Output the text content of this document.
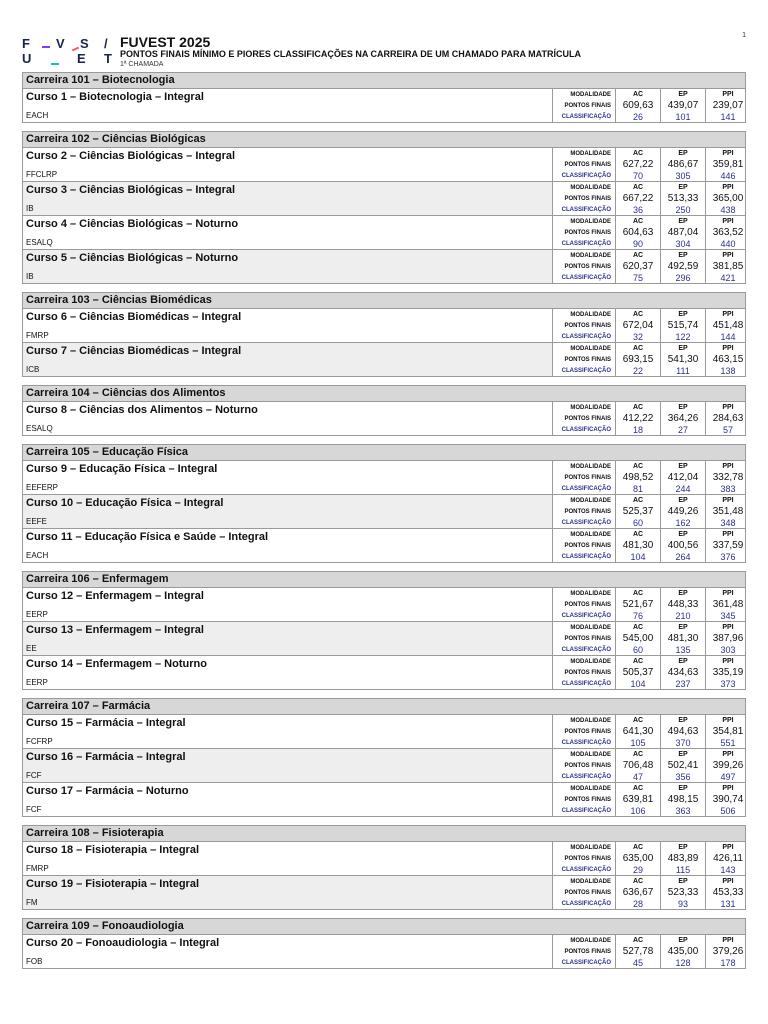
F V S /
U	E T
FUVEST 2025
PONTOS FINAIS MÍNIMO E PIORES CLASSIFICAÇÕES NA CARREIRA DE UM CHAMADO PARA MATRÍCULA
1ª CHAMADA
1
Carreira 101 – Biotecnologia
Curso 1 – Biotecnologia – Integral
EACH
MODALIDADE
PONTOS FINAIS
CLASSIFICAÇÃO
AC
609,63
26
EP
439,07
101
PPI
239,07
141
Carreira 102 – Ciências Biológicas
Curso 2 – Ciências Biológicas – Integral
FFCLRP
MODALIDADE
PONTOS FINAIS
CLASSIFICAÇÃO
AC
627,22
70
EP
486,67
305
PPI
359,81
446
Curso 3 – Ciências Biológicas – Integral
IB
MODALIDADE
PONTOS FINAIS
CLASSIFICAÇÃO
AC
667,22
36
EP
513,33
250
PPI
365,00
438
Curso 4 – Ciências Biológicas – Noturno
ESALQ
MODALIDADE
PONTOS FINAIS
CLASSIFICAÇÃO
AC
604,63
90
EP
487,04
304
PPI
363,52
440
Curso 5 – Ciências Biológicas – Noturno
IB
MODALIDADE
PONTOS FINAIS
CLASSIFICAÇÃO
AC
620,37
75
EP
492,59
296
PPI
381,85
421
Carreira 103 – Ciências Biomédicas
Curso 6 – Ciências Biomédicas – Integral
FMRP
MODALIDADE
PONTOS FINAIS
CLASSIFICAÇÃO
AC
672,04
32
EP
515,74
122
PPI
451,48
144
Curso 7 – Ciências Biomédicas – Integral
ICB
MODALIDADE
PONTOS FINAIS
CLASSIFICAÇÃO
AC
693,15
22
EP
541,30
111
PPI
463,15
138
Carreira 104 – Ciências dos Alimentos
Curso 8 – Ciências dos Alimentos – Noturno
ESALQ
MODALIDADE
PONTOS FINAIS
CLASSIFICAÇÃO
AC
412,22
18
EP
364,26
27
PPI
284,63
57
Carreira 105 – Educação Física
Curso 9 – Educação Física – Integral
EEFERP
MODALIDADE
PONTOS FINAIS
CLASSIFICAÇÃO
AC
498,52
81
EP
412,04
244
PPI
332,78
383
Curso 10 – Educação Física – Integral
EEFE
MODALIDADE
PONTOS FINAIS
CLASSIFICAÇÃO
AC
525,37
60
EP
449,26
162
PPI
351,48
348
Curso 11 – Educação Física e Saúde – Integral
EACH
MODALIDADE
PONTOS FINAIS
CLASSIFICAÇÃO
AC
481,30
104
EP
400,56
264
PPI
337,59
376
Carreira 106 – Enfermagem
Curso 12 – Enfermagem – Integral
EERP
MODALIDADE
PONTOS FINAIS
CLASSIFICAÇÃO
AC
521,67
76
EP
448,33
210
PPI
361,48
345
Curso 13 – Enfermagem – Integral
EE
MODALIDADE
PONTOS FINAIS
CLASSIFICAÇÃO
AC
545,00
60
EP
481,30
135
PPI
387,96
303
Curso 14 – Enfermagem – Noturno
EERP
MODALIDADE
PONTOS FINAIS
CLASSIFICAÇÃO
AC
505,37
104
EP
434,63
237
PPI
335,19
373
Carreira 107 – Farmácia
Curso 15 – Farmácia – Integral
FCFRP
MODALIDADE
PONTOS FINAIS
CLASSIFICAÇÃO
AC
641,30
105
EP
494,63
370
PPI
354,81
551
Curso 16 – Farmácia – Integral
FCF
MODALIDADE
PONTOS FINAIS
CLASSIFICAÇÃO
AC
706,48
47
EP
502,41
356
PPI
399,26
497
Curso 17 – Farmácia – Noturno
FCF
MODALIDADE
PONTOS FINAIS
CLASSIFICAÇÃO
AC
639,81
106
EP
498,15
363
PPI
390,74
506
Carreira 108 – Fisioterapia
Curso 18 – Fisioterapia – Integral
FMRP
MODALIDADE
PONTOS FINAIS
CLASSIFICAÇÃO
AC
635,00
29
EP
483,89
115
PPI
426,11
143
Curso 19 – Fisioterapia – Integral
FM
MODALIDADE
PONTOS FINAIS
CLASSIFICAÇÃO
AC
636,67
28
EP
523,33
93
PPI
453,33
131
Carreira 109 – Fonoaudiologia
Curso 20 – Fonoaudiologia – Integral
FOB
MODALIDADE
PONTOS FINAIS
CLASSIFICAÇÃO
AC
527,78
45
EP
435,00
128
PPI
379,26
178
